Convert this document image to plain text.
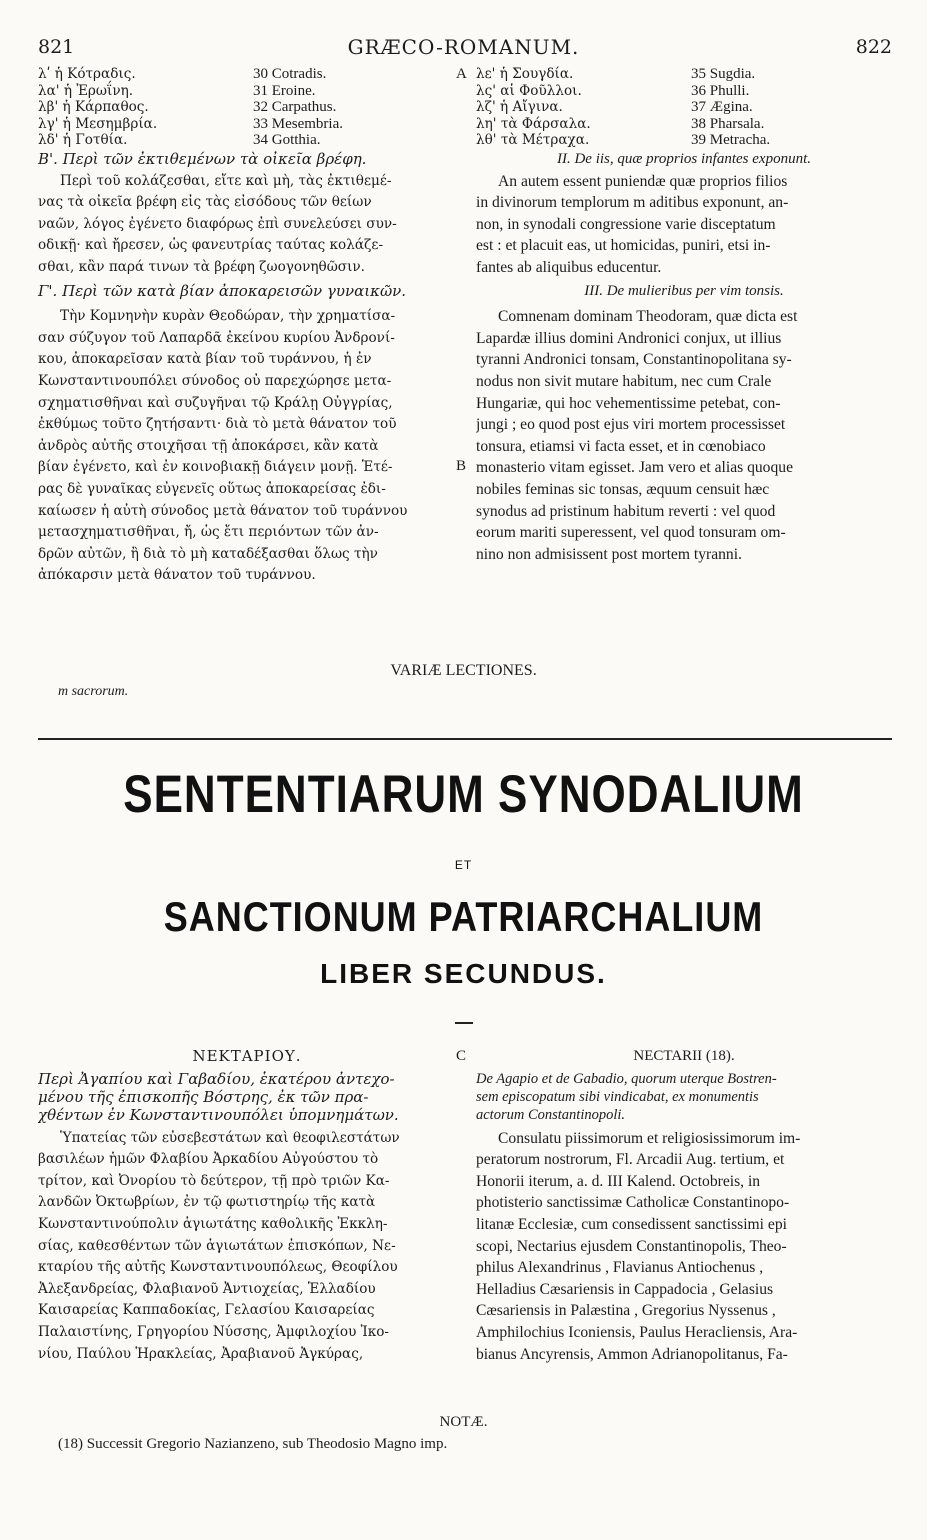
821	GRÆCO-ROMANUM.	822
λʹ ἡ Κότραδις.	30 Cotradis.
λα' ἡ Ἐρωΐνη.	31 Eroine.
λβ' ἡ Κάρπαθος.	32 Carpathus.
λγ' ἡ Μεσημβρία.	33 Mesembria.
λδ' ἡ Γοτθία.	34 Gotthia.
λε' ἡ Σουγδία.	35 Sugdia.
λς' αἱ Φοῦλλοι.	36 Phulli.
λζ' ἡ Αἴγινα.	37 Ægina.
λη' τὰ Φάρσαλα.	38 Pharsala.
λθ' τὰ Μέτραχα.	39 Metracha.
A
Β'. Περὶ τῶν ἐκτιθεμένων τὰ οἰκεῖα βρέφη.
Περὶ τοῦ κολάζεσθαι, εἴτε καὶ μὴ, τὰς ἐκτιθεμέ-
νας τὰ οἰκεῖα βρέφη εἰς τὰς εἰσόδους τῶν θείων
ναῶν, λόγος ἐγένετο διαφόρως ἐπὶ συνελεύσει συν-
οδικῇ· καὶ ἤρεσεν, ὡς φανευτρίας ταύτας κολάζε-
σθαι, κἂν παρά τινων τὰ βρέφη ζωογονηθῶσιν.
Γ'. Περὶ τῶν κατὰ βίαν ἀποκαρεισῶν γυναικῶν.
Τὴν Κομνηνὴν κυρὰν Θεοδώραν, τὴν χρηματίσα-
σαν σύζυγον τοῦ Λαπαρδᾶ ἐκείνου κυρίου Ἀνδρονί-
κου, ἀποκαρεῖσαν κατὰ βίαν τοῦ τυράννου, ἡ ἐν
Κωνσταντινουπόλει σύνοδος οὐ παρεχώρησε μετα-
σχηματισθῆναι καὶ συζυγῆναι τῷ Κράλῃ Οὐγγρίας,
ἐκθύμως τοῦτο ζητήσαντι· διὰ τὸ μετὰ θάνατον τοῦ
ἀνδρὸς αὐτῆς στοιχῆσαι τῇ ἀποκάρσει, κἂν κατὰ
βίαν ἐγένετο, καὶ ἐν κοινοβιακῇ διάγειν μονῇ. Ἑτέ-
ρας δὲ γυναῖκας εὐγενεῖς οὕτως ἀποκαρείσας ἐδι-
καίωσεν ἡ αὐτὴ σύνοδος μετὰ θάνατον τοῦ τυράννου
μετασχηματισθῆναι, ἤ, ὡς ἔτι περιόντων τῶν ἀν-
δρῶν αὐτῶν, ἢ διὰ τὸ μὴ καταδέξασθαι ὅλως τὴν
ἀπόκαρσιν μετὰ θάνατον τοῦ τυράννου.
II. De iis, quæ proprios infantes exponunt.
An autem essent puniendæ quæ proprios filios
in divinorum templorum m aditibus exponunt, an-
non, in synodali congressione varie disceptatum
est : et placuit eas, ut homicidas, puniri, etsi in-
fantes ab aliquibus educentur.
III. De mulieribus per vim tonsis.
Comnenam dominam Theodoram, quæ dicta est
Lapardæ illius domini Andronici conjux, ut illius
tyranni Andronici tonsam, Constantinopolitana sy-
nodus non sivit mutare habitum, nec cum Crale
Hungariæ, qui hoc vehementissime petebat, con-
jungi ; eo quod post ejus viri mortem processisset
tonsura, etiamsi vi facta esset, et in cœnobiaco
monasterio vitam egisset. Jam vero et alias quoque
nobiles feminas sic tonsas, æquum censuit hæc
synodus ad pristinum habitum reverti : vel quod
eorum mariti superessent, vel quod tonsuram om-
nino non admisissent post mortem tyranni.
B
VARIÆ LECTIONES.
m sacrorum.
SENTENTIARUM SYNODALIUM
ET
SANCTIONUM PATRIARCHALIUM
LIBER SECUNDUS.
ΝΕΚΤΑΡΙΟΥ.
Περὶ Ἀγαπίου καὶ Γαβαδίου, ἑκατέρου ἀντεχο-
μένου τῆς ἐπισκοπῆς Βόστρης, ἐκ τῶν πρα-
χθέντων ἐν Κωνσταντινουπόλει ὑπομνημάτων.
Ὑπατείας τῶν εὐσεβεστάτων καὶ θεοφιλεστάτων
βασιλέων ἡμῶν Φλαβίου Ἀρκαδίου Αὐγούστου τὸ
τρίτον, καὶ Ὀνορίου τὸ δεύτερον, τῇ πρὸ τριῶν Κα-
λανδῶν Ὀκτωβρίων, ἐν τῷ φωτιστηρίῳ τῆς κατὰ
Κωνσταντινούπολιν ἁγιωτάτης καθολικῆς Ἐκκλη-
σίας, καθεσθέντων τῶν ἁγιωτάτων ἐπισκόπων, Νε-
κταρίου τῆς αὐτῆς Κωνσταντινουπόλεως, Θεοφίλου
Ἀλεξανδρείας, Φλαβιανοῦ Ἀντιοχείας, Ἑλλαδίου
Καισαρείας Καππαδοκίας, Γελασίου Καισαρείας
Παλαιστίνης, Γρηγορίου Νύσσης, Ἀμφιλοχίου Ἰκο-
νίου, Παύλου Ἡρακλείας, Ἀραβιανοῦ Ἀγκύρας,
C	NECTARII (18).
De Agapio et de Gabadio, quorum uterque Bostren-
sem episcopatum sibi vindicabat, ex monumentis
actorum Constantinopoli.
Consulatu piissimorum et religiosissimorum im-
peratorum nostrorum, Fl. Arcadii Aug. tertium, et
Honorii iterum, a. d. III Kalend. Octobreis, in
photisterio sanctissimæ Catholicæ Constantinopo-
litanæ Ecclesiæ, cum consedissent sanctissimi epi
scopi, Nectarius ejusdem Constantinopolis, Theo-
philus Alexandrinus , Flavianus Antiochenus ,
Helladius Cæsariensis in Cappadocia , Gelasius
Cæsariensis in Palæstina , Gregorius Nyssenus ,
Amphilochius Iconiensis, Paulus Heracliensis, Ara-
bianus Ancyrensis, Ammon Adrianopolitanus, Fa-
NOTÆ.
(18) Successit Gregorio Nazianzeno, sub Theodosio Magno imp.
